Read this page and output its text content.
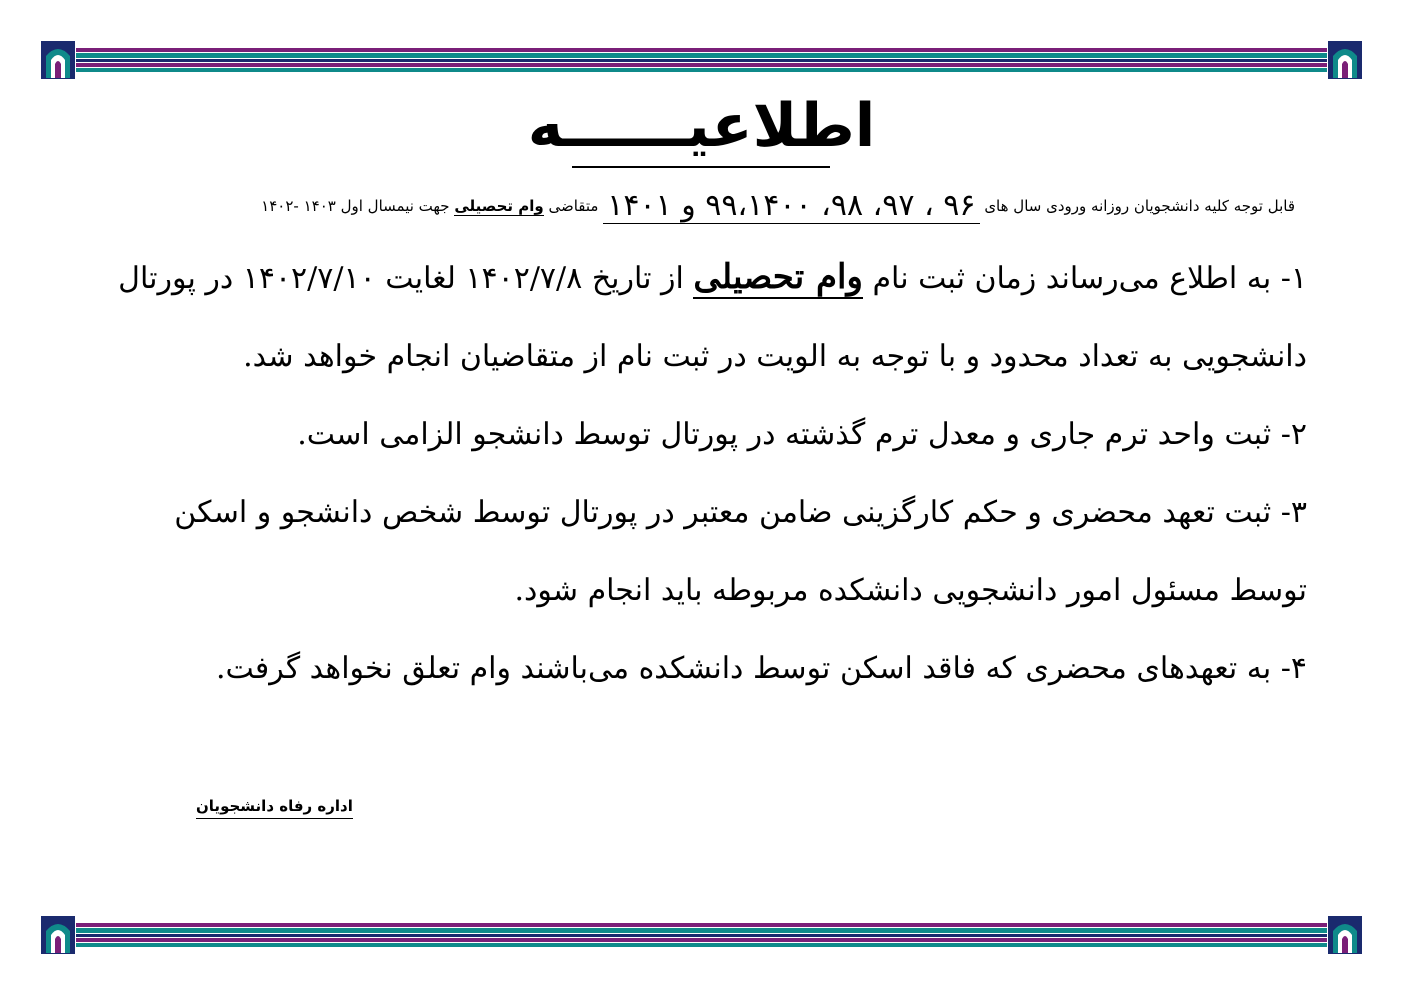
اطلاعیــــــه
قابل توجه کلیه دانشجویان روزانه ورودی سال های ۹۶ ، ۹۷، ۹۸، ۹۹،۱۴۰۰ و ۱۴۰۱ متقاضی وام تحصیلی جهت نیمسال اول ۱۴۰۳ -۱۴۰۲

۱- به اطلاع می‌رساند زمان ثبت نام وام تحصیلی از تاریخ ۱۴۰۲/۷/۸ لغایت ۱۴۰۲/۷/۱۰ در پورتال دانشجویی به تعداد محدود و با توجه به الویت در ثبت نام از متقاضیان انجام خواهد شد.

۲- ثبت واحد ترم جاری و معدل ترم گذشته در پورتال توسط دانشجو الزامی است.

۳- ثبت تعهد محضری و حکم کارگزینی ضامن معتبر در پورتال توسط شخص دانشجو و اسکن توسط مسئول امور دانشجویی دانشکده مربوطه باید انجام شود.

۴- به تعهدهای محضری که فاقد اسکن توسط دانشکده می‌باشند وام تعلق نخواهد گرفت.

اداره رفاه دانشجویان
